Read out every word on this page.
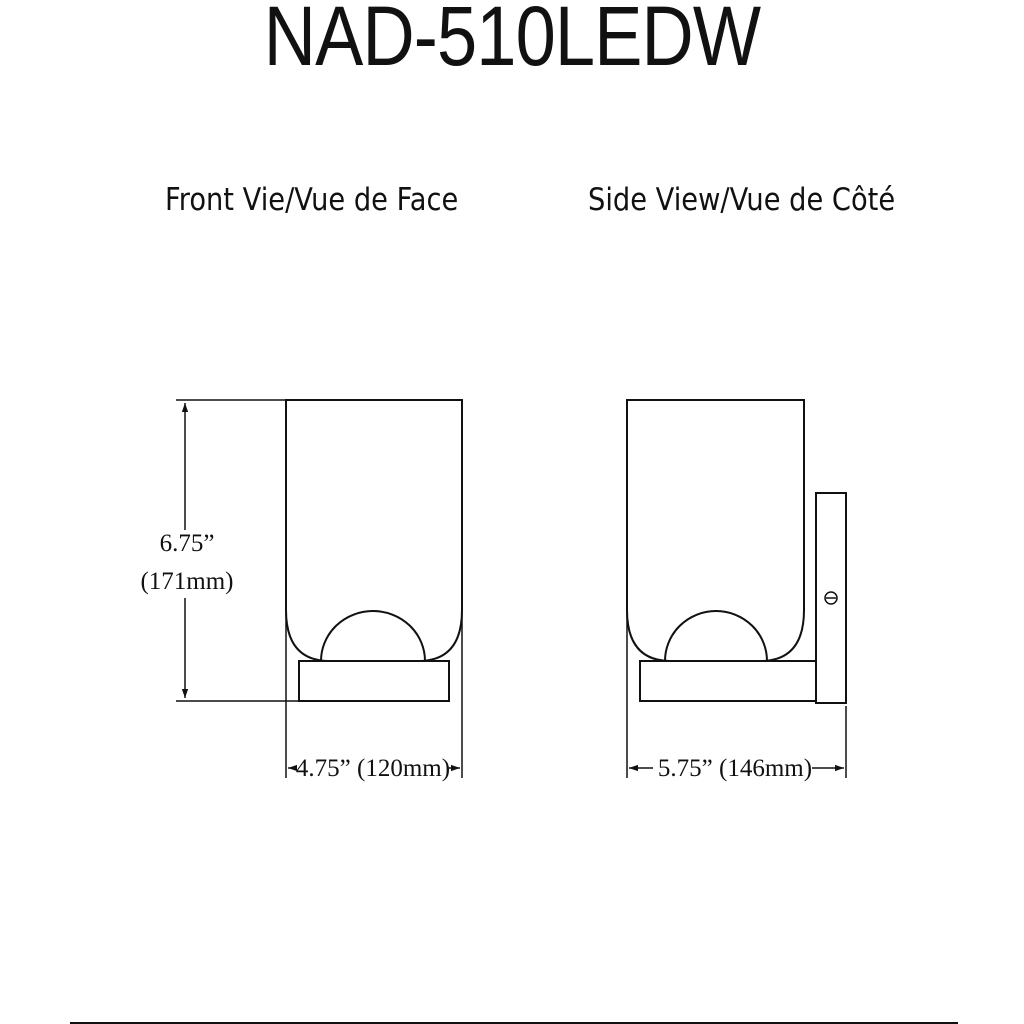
NAD-510LEDW
Front Vie/Vue de Face	Side View/Vue de Côté
6.75”
(171mm)
4.75” (120mm)	5.75” (146mm)
